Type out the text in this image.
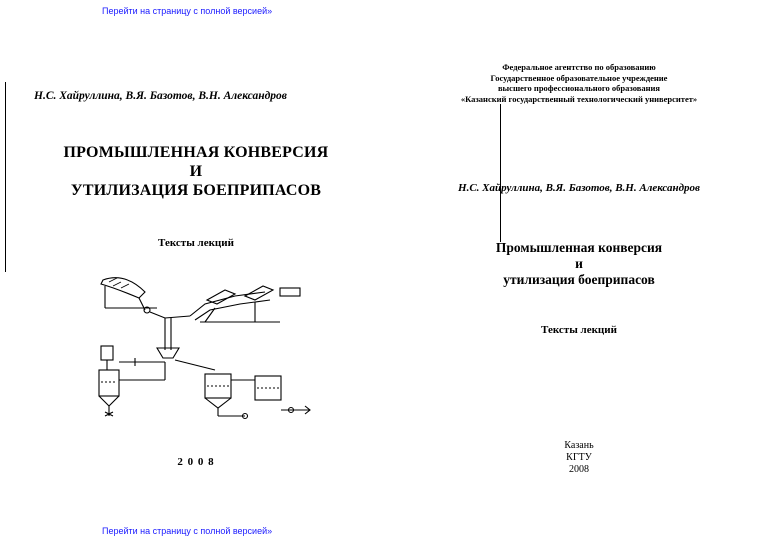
Перейти на страницу с полной версией»
Н.С. Хайруллина, В.Я. Базотов, В.Н. Александров
ПРОМЫШЛЕННАЯ КОНВЕРСИЯ
И
УТИЛИЗАЦИЯ БОЕПРИПАСОВ
Тексты лекций
2 0 0 8
Федеральное агентство по образованию
Государственное образовательное учреждение
высшего профессионального образования
«Казанский государственный технологический университет»
Н.С. Хайруллина, В.Я. Базотов, В.Н. Александров
Промышленная конверсия
и
утилизация боеприпасов
Тексты лекций
Казань
КГТУ
2008
Перейти на страницу с полной версией»
